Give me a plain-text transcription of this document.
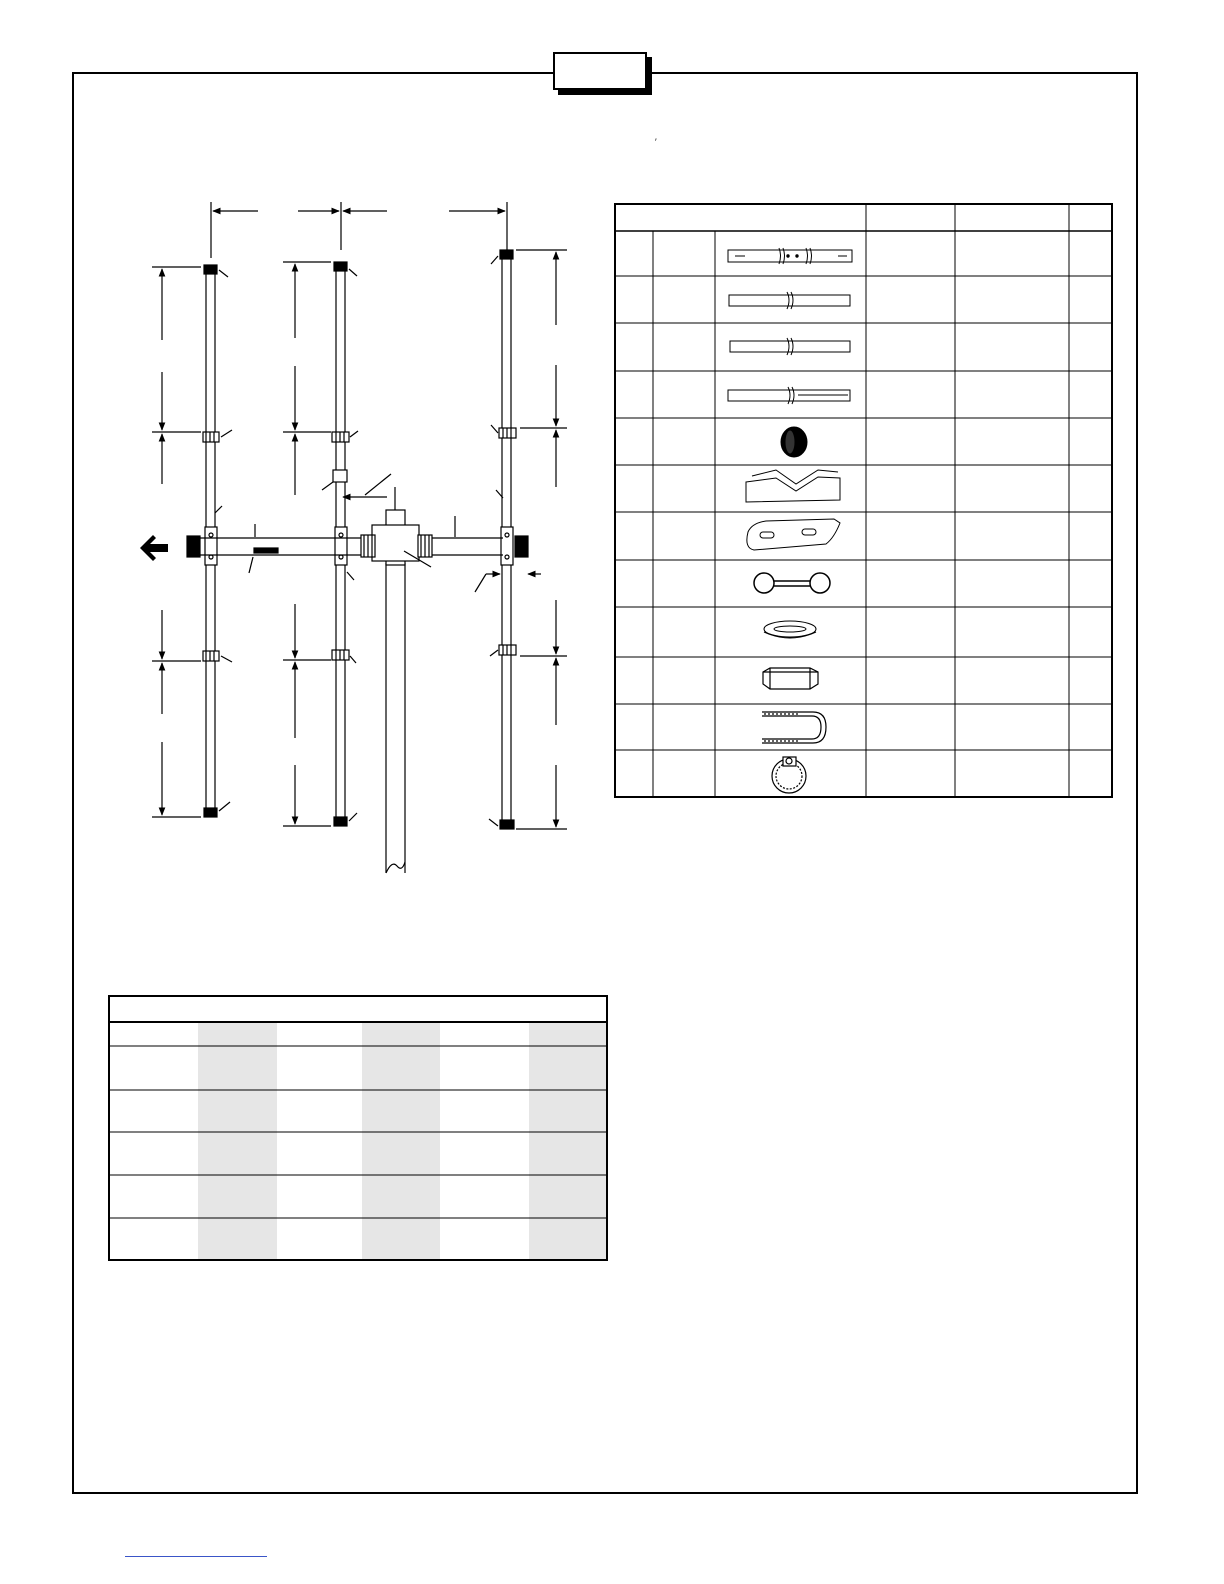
′
